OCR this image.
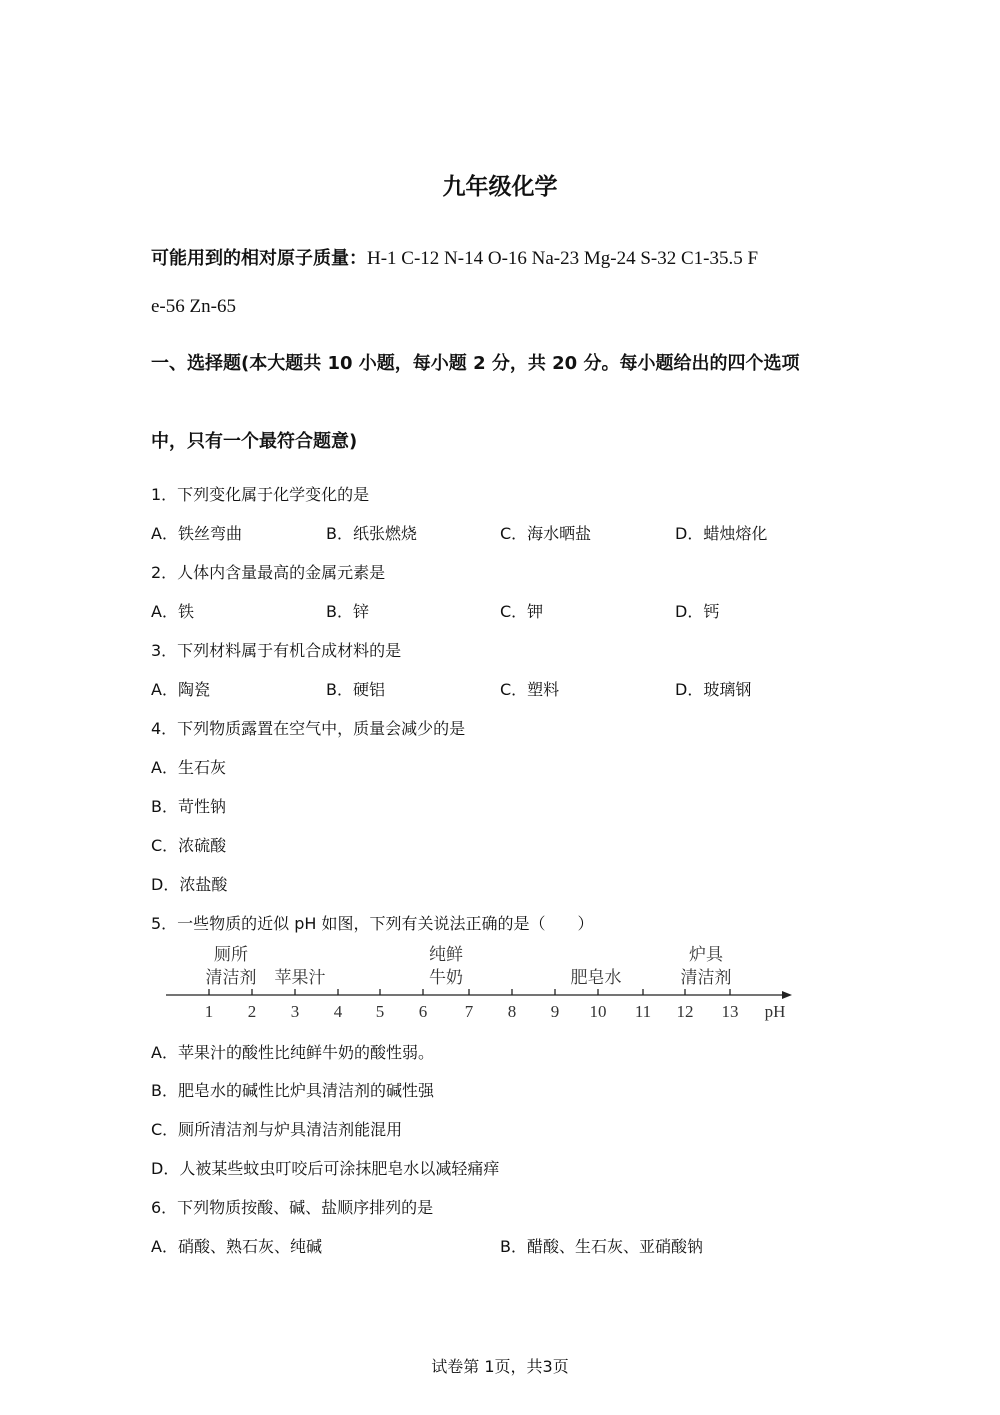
九年级化学
可能用到的相对原子质量：H-1 C-12 N-14 O-16 Na-23 Mg-24 S-32 C1-35.5 F
e-56 Zn-65
一、选择题(本大题共 10 小题，每小题 2 分，共 20 分。每小题给出的四个选项
中，只有一个最符合题意)
1．下列变化属于化学变化的是
A．铁丝弯曲	B．纸张燃烧	C．海水晒盐	D．蜡烛熔化
2．人体内含量最高的金属元素是
A．铁	B．锌	C．钾	D．钙
3．下列材料属于有机合成材料的是
A．陶瓷	B．硬铝	C．塑料	D．玻璃钢
4．下列物质露置在空气中，质量会减少的是
A．生石灰
B．苛性钠
C．浓硫酸
D．浓盐酸
5．一些物质的近似 pH 如图，下列有关说法正确的是（　　）
厕所
清洁剂 苹果汁
纯鲜
牛奶	肥皂水
炉具
清洁剂
1 2 3 4 5 6 7 8 9 10 11 12 13 pH
A．苹果汁的酸性比纯鲜牛奶的酸性弱。
B．肥皂水的碱性比炉具清洁剂的碱性强
C．厕所清洁剂与炉具清洁剂能混用
D．人被某些蚊虫叮咬后可涂抹肥皂水以减轻痛痒
6．下列物质按酸、碱、盐顺序排列的是
A．硝酸、熟石灰、纯碱	B．醋酸、生石灰、亚硝酸钠
试卷第 1页，共3页
